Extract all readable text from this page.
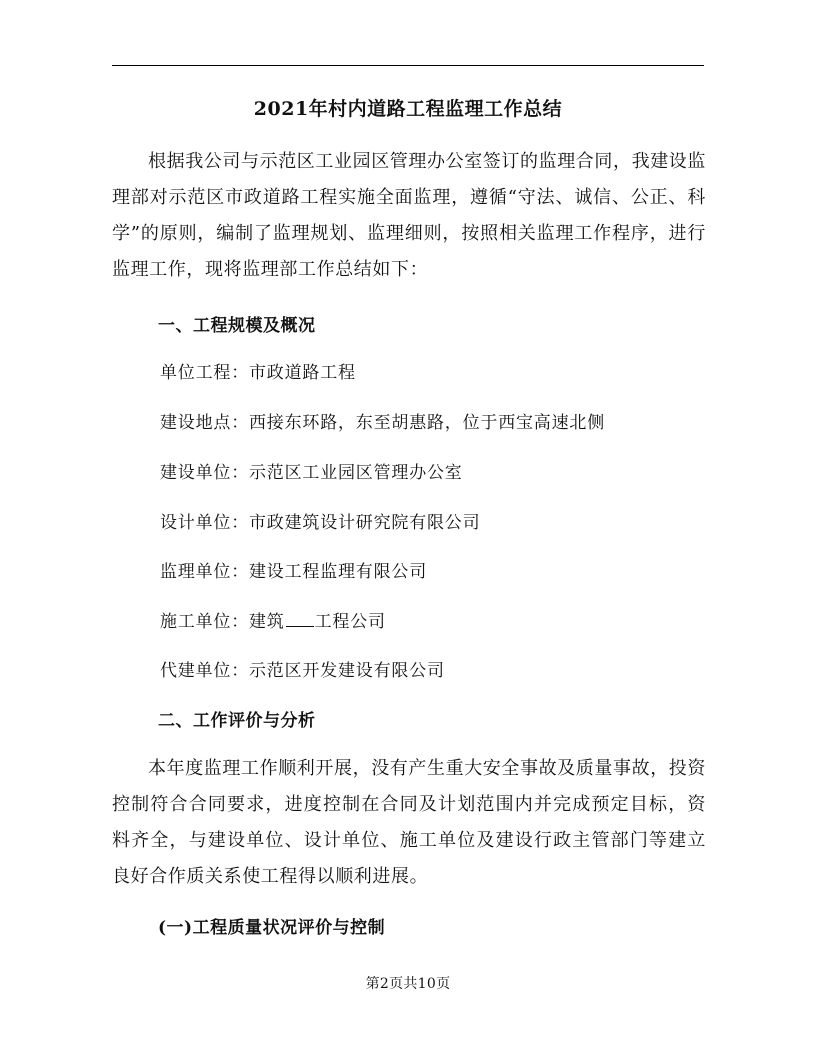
2021年村内道路工程监理工作总结
根据我公司与示范区工业园区管理办公室签订的监理合同，我建设监理部对示范区市政道路工程实施全面监理，遵循“守法、诚信、公正、科学”的原则，编制了监理规划、监理细则，按照相关监理工作程序，进行监理工作，现将监理部工作总结如下：
一、工程规模及概况
单位工程：市政道路工程
建设地点：西接东环路，东至胡惠路，位于西宝高速北侧
建设单位：示范区工业园区管理办公室
设计单位：市政建筑设计研究院有限公司
监理单位：建设工程监理有限公司
施工单位：建筑 工程公司
代建单位：示范区开发建设有限公司
二、工作评价与分析
本年度监理工作顺利开展，没有产生重大安全事故及质量事故，投资控制符合合同要求，进度控制在合同及计划范围内并完成预定目标，资料齐全，与建设单位、设计单位、施工单位及建设行政主管部门等建立良好合作质关系使工程得以顺利进展。
(一)工程质量状况评价与控制
第2页共10页
